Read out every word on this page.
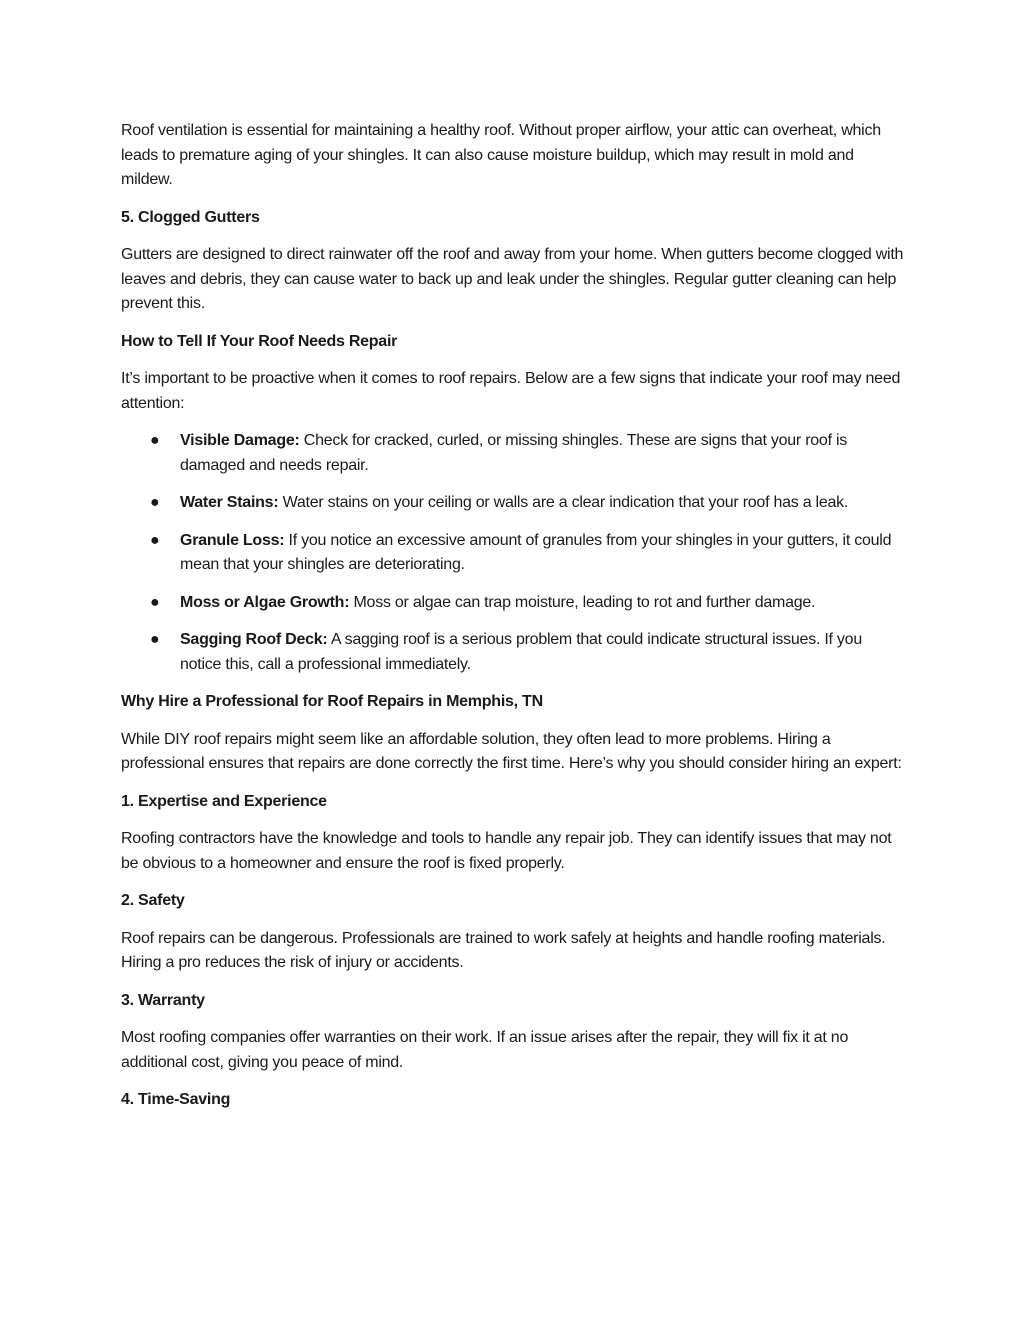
Roof ventilation is essential for maintaining a healthy roof. Without proper airflow, your attic can overheat, which leads to premature aging of your shingles. It can also cause moisture buildup, which may result in mold and mildew.

5. Clogged Gutters

Gutters are designed to direct rainwater off the roof and away from your home. When gutters become clogged with leaves and debris, they can cause water to back up and leak under the shingles. Regular gutter cleaning can help prevent this.

How to Tell If Your Roof Needs Repair

It’s important to be proactive when it comes to roof repairs. Below are a few signs that indicate your roof may need attention:

● Visible Damage: Check for cracked, curled, or missing shingles. These are signs that your roof is damaged and needs repair.
● Water Stains: Water stains on your ceiling or walls are a clear indication that your roof has a leak.
● Granule Loss: If you notice an excessive amount of granules from your shingles in your gutters, it could mean that your shingles are deteriorating.
● Moss or Algae Growth: Moss or algae can trap moisture, leading to rot and further damage.
● Sagging Roof Deck: A sagging roof is a serious problem that could indicate structural issues. If you notice this, call a professional immediately.

Why Hire a Professional for Roof Repairs in Memphis, TN

While DIY roof repairs might seem like an affordable solution, they often lead to more problems. Hiring a professional ensures that repairs are done correctly the first time. Here’s why you should consider hiring an expert:

1. Expertise and Experience

Roofing contractors have the knowledge and tools to handle any repair job. They can identify issues that may not be obvious to a homeowner and ensure the roof is fixed properly.

2. Safety

Roof repairs can be dangerous. Professionals are trained to work safely at heights and handle roofing materials. Hiring a pro reduces the risk of injury or accidents.

3. Warranty

Most roofing companies offer warranties on their work. If an issue arises after the repair, they will fix it at no additional cost, giving you peace of mind.

4. Time-Saving
